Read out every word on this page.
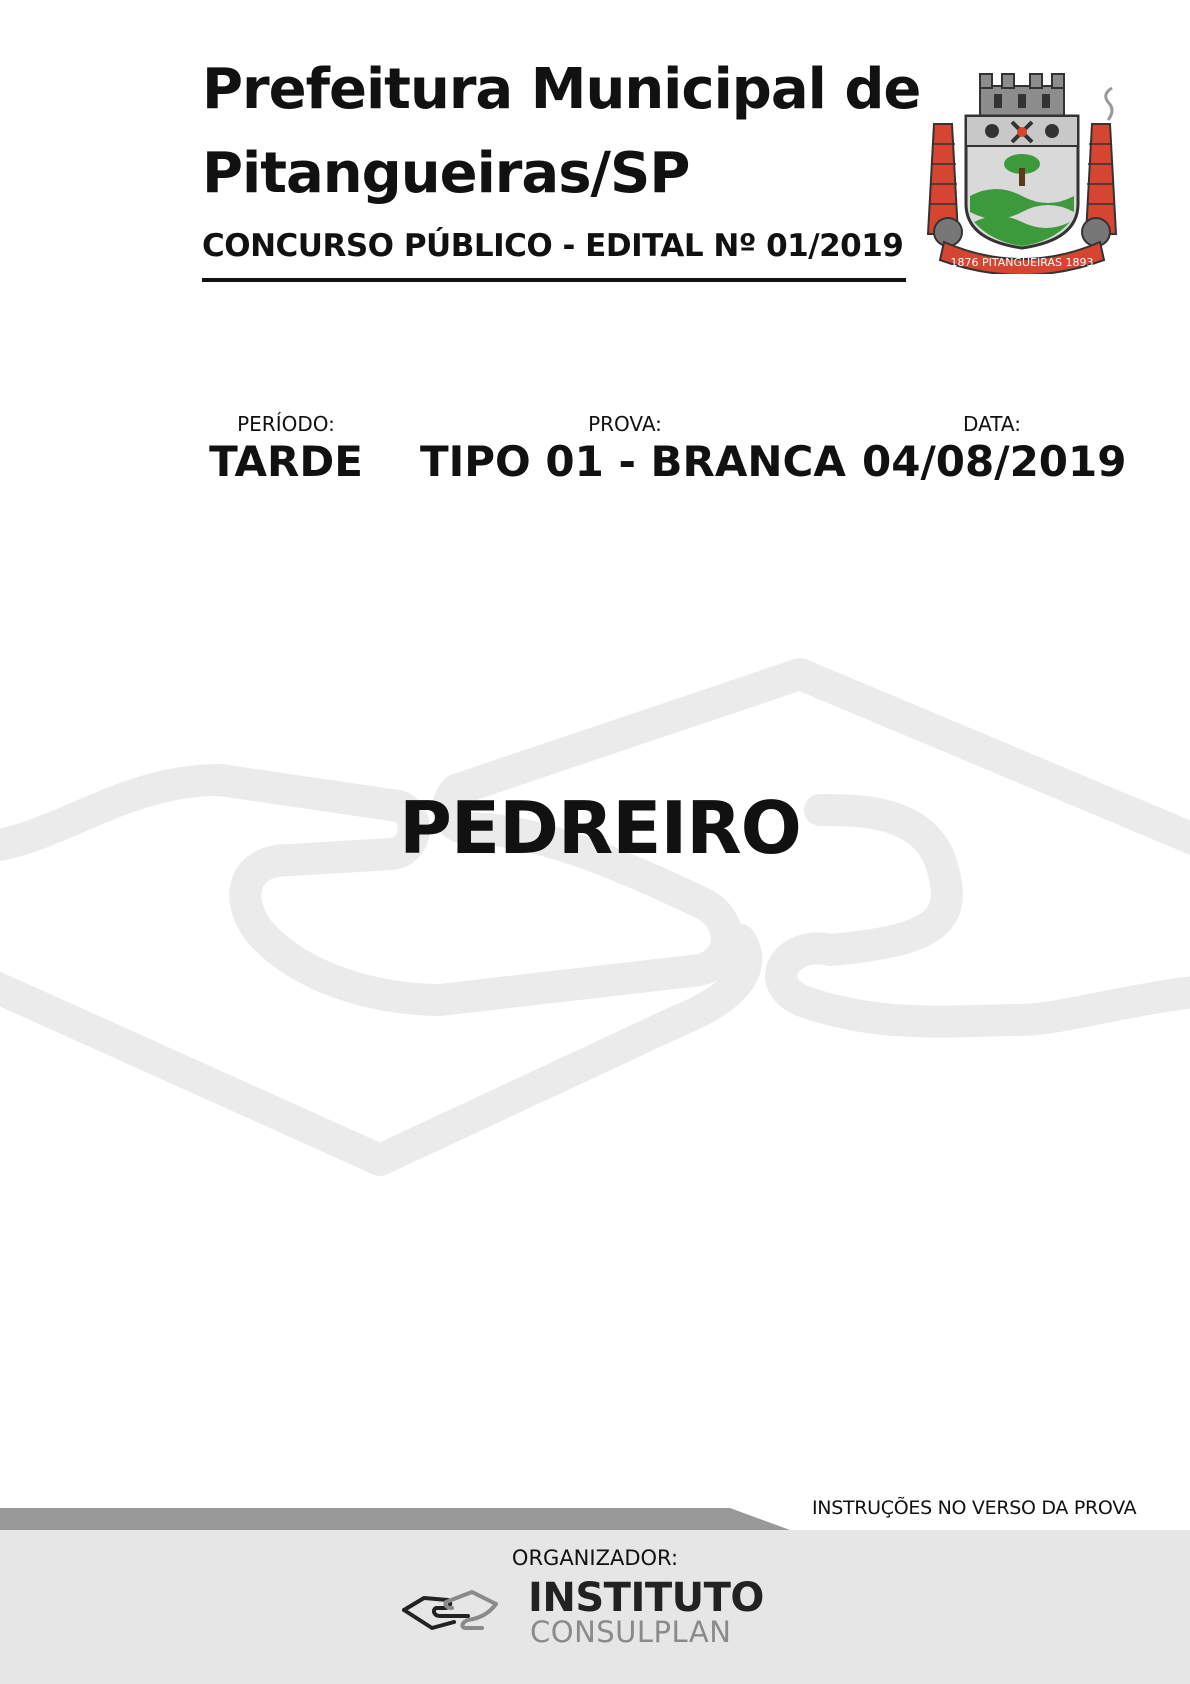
Prefeitura Municipal de
Pitangueiras/SP
CONCURSO PÚBLICO - EDITAL Nº 01/2019	1876 PITANGUEIRAS 1893
PERÍODO:
TARDE
PROVA:
TIPO 01 - BRANCA
DATA:
04/08/2019
PEDREIRO
INSTRUÇÕES NO VERSO DA PROVA
ORGANIZADOR:
INSTITUTO
CONSULPLAN
